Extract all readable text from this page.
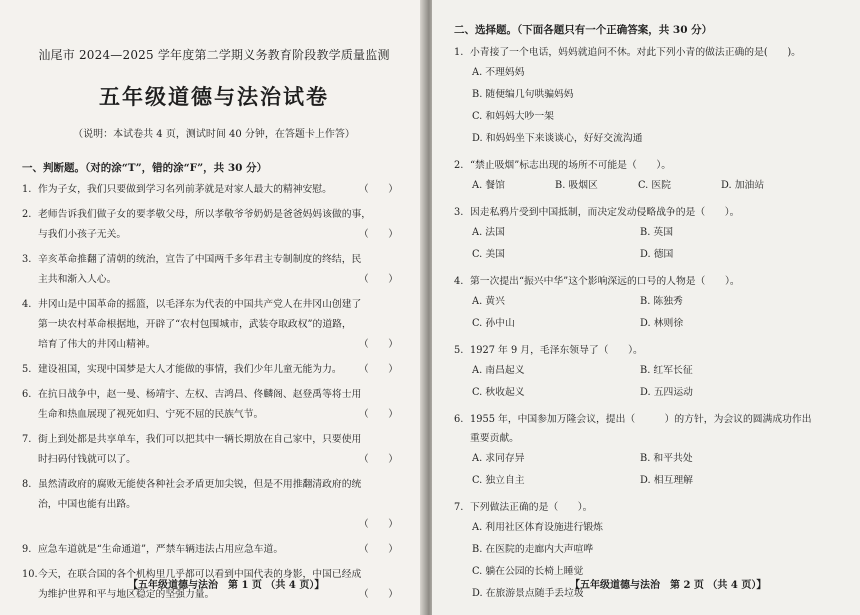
汕尾市 2024—2025 学年度第二学期义务教育阶段教学质量监测
五年级道德与法治试卷
（说明：本试卷共 4 页，测试时间 40 分钟，在答题卡上作答）
一、判断题。（对的涂“T”，错的涂“F”，共 30 分）
1. 作为子女，我们只要做到学习名列前茅就是对家人最大的精神安慰。	（　　）
2. 老师告诉我们做子女的要孝敬父母，所以孝敬爷爷奶奶是爸爸妈妈该做的事，
与我们小孩子无关。	（　　）
3. 辛亥革命推翻了清朝的统治，宣告了中国两千多年君主专制制度的终结，民
主共和渐入人心。	（　　）
4. 井冈山是中国革命的摇篮，以毛泽东为代表的中国共产党人在井冈山创建了
第一块农村革命根据地，开辟了“农村包围城市，武装夺取政权”的道路，
培育了伟大的井冈山精神。	（　　）
5. 建设祖国，实现中国梦是大人才能做的事情，我们少年儿童无能为力。	（　　）
6. 在抗日战争中，赵一曼、杨靖宇、左权、吉鸿昌、佟麟阁、赵登禹等将士用
生命和热血展现了视死如归、宁死不屈的民族气节。	（　　）
7. 街上到处都是共享单车，我们可以把其中一辆长期放在自己家中，只要使用
时扫码付钱就可以了。	（　　）
8. 虽然清政府的腐败无能使各种社会矛盾更加尖锐，但是不用推翻清政府的统
治，中国也能有出路。
（　　）
9. 应急车道就是“生命通道”，严禁车辆违法占用应急车道。	（　　）
10.今天，在联合国的各个机构里几乎都可以看到中国代表的身影，中国已经成
为维护世界和平与地区稳定的坚强力量。	（　　）
【五年级道德与法治　第 1 页 （共 4 页）】
二、选择题。（下面各题只有一个正确答案，共 30 分）
1. 小青接了一个电话，妈妈就追问不休。对此下列小青的做法正确的是(　　)。
A. 不理妈妈
B. 随便编几句哄骗妈妈
C. 和妈妈大吵一架
D. 和妈妈坐下来谈谈心，好好交流沟通
2. “禁止吸烟”标志出现的场所不可能是（　　）。
A. 餐馆	B. 吸烟区	C. 医院	D. 加油站
3. 因走私鸦片受到中国抵制，而决定发动侵略战争的是（　　）。
A. 法国	B. 英国
C. 美国	D. 德国
4. 第一次提出“振兴中华”这个影响深远的口号的人物是（　　）。
A. 黄兴	B. 陈独秀
C. 孙中山	D. 林则徐
5. 1927 年 9 月，毛泽东领导了（　　）。
A. 南昌起义	B. 红军长征
C. 秋收起义	D. 五四运动
6. 1955 年，中国参加万隆会议，提出（　　　）的方针，为会议的圆满成功作出
重要贡献。
A. 求同存异	B. 和平共处
C. 独立自主	D. 相互理解
7. 下列做法正确的是（　　）。
A. 利用社区体育设施进行锻炼
B. 在医院的走廊内大声喧哗
C. 躺在公园的长椅上睡觉
D. 在旅游景点随手丢垃圾
【五年级道德与法治　第 2 页 （共 4 页）】
